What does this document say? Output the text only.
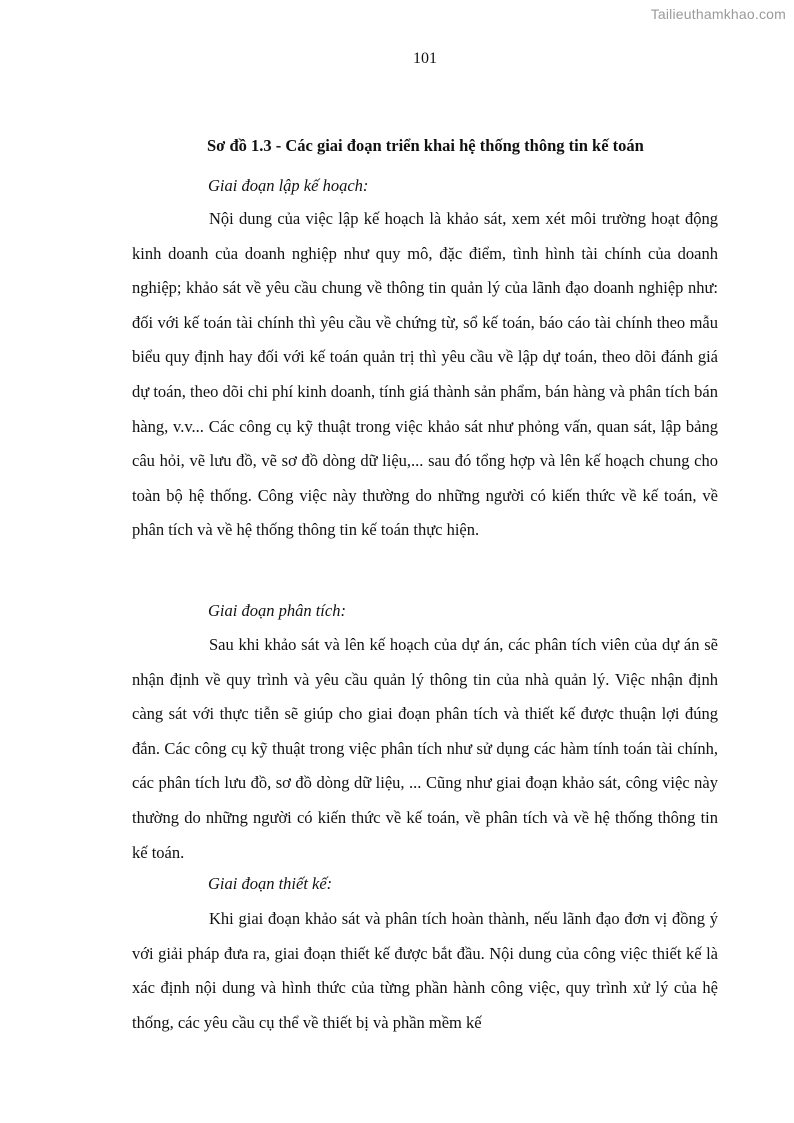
Tailieuthamkhao.com
101
Sơ đồ 1.3 - Các giai đoạn triển khai hệ thống thông tin kế toán
Giai đoạn lập kế hoạch:

Nội dung của việc lập kế hoạch là khảo sát, xem xét môi trường hoạt động kinh doanh của doanh nghiệp như quy mô, đặc điểm, tình hình tài chính của doanh nghiệp; khảo sát về yêu cầu chung về thông tin quản lý của lãnh đạo doanh nghiệp như: đối với kế toán tài chính thì yêu cầu về chứng từ, sổ kế toán, báo cáo tài chính theo mẫu biểu quy định hay đối với kế toán quản trị thì yêu cầu về lập dự toán, theo dõi đánh giá dự toán, theo dõi chi phí kinh doanh, tính giá thành sản phẩm, bán hàng và phân tích bán hàng, v.v... Các công cụ kỹ thuật trong việc khảo sát như phỏng vấn, quan sát, lập bảng câu hỏi, vẽ lưu đồ, vẽ sơ đồ dòng dữ liệu,... sau đó tổng hợp và lên kế hoạch chung cho toàn bộ hệ thống. Công việc này thường do những người có kiến thức về kế toán, về phân tích và về hệ thống thông tin kế toán thực hiện.

Giai đoạn phân tích:

Sau khi khảo sát và lên kế hoạch của dự án, các phân tích viên của dự án sẽ nhận định về quy trình và yêu cầu quản lý thông tin của nhà quản lý. Việc nhận định càng sát với thực tiễn sẽ giúp cho giai đoạn phân tích và thiết kế được thuận lợi đúng đắn. Các công cụ kỹ thuật trong việc phân tích như sử dụng các hàm tính toán tài chính, các phân tích lưu đồ, sơ đồ dòng dữ liệu, ... Cũng như giai đoạn khảo sát, công việc này thường do những người có kiến thức về kế toán, về phân tích và về hệ thống thông tin kế toán.

Giai đoạn thiết kế:

Khi giai đoạn khảo sát và phân tích hoàn thành, nếu lãnh đạo đơn vị đồng ý với giải pháp đưa ra, giai đoạn thiết kế được bắt đầu. Nội dung của công việc thiết kế là xác định nội dung và hình thức của từng phần hành công việc, quy trình xử lý của hệ thống, các yêu cầu cụ thể về thiết bị và phần mềm kế
